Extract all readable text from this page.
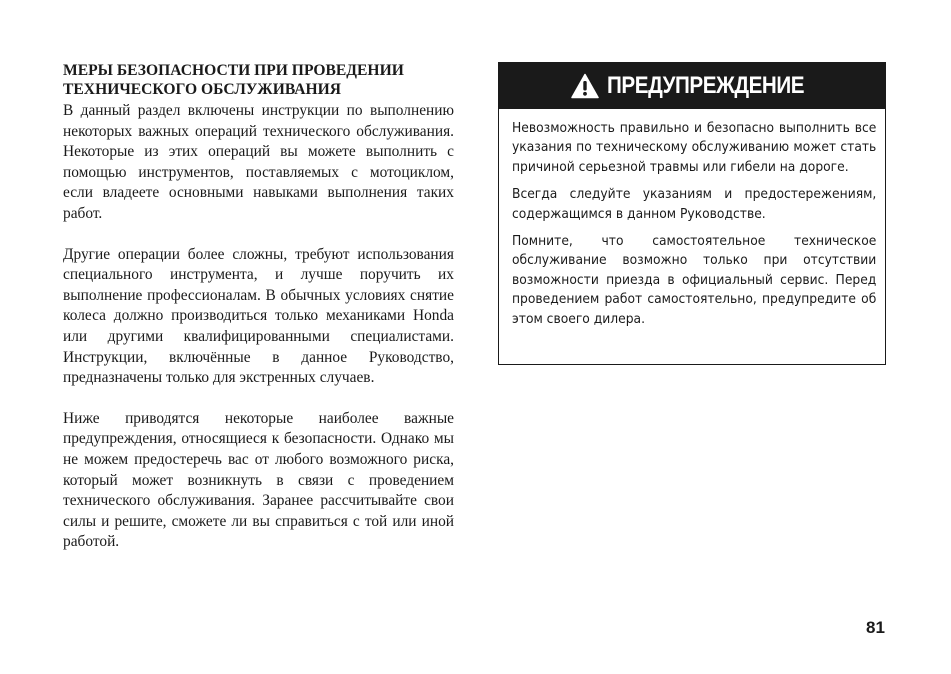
МЕРЫ БЕЗОПАСНОСТИ ПРИ ПРОВЕДЕНИИ
ТЕХНИЧЕСКОГО ОБСЛУЖИВАНИЯ

В данный раздел включены инструкции по выполнению некоторых важных операций технического обслуживания. Некоторые из этих операций вы можете выполнить с помощью инструментов, поставляемых с мотоциклом, если владеете основными навыками выполнения таких работ.

Другие операции более сложны, требуют использования специального инструмента, и лучше поручить их выполнение профессионалам. В обычных условиях снятие колеса должно производиться только механиками Honda или другими квалифицированными специалистами. Инструкции, включённые в данное Руководство, предназначены только для экстренных случаев.

Ниже приводятся некоторые наиболее важные предупреждения, относящиеся к безопасности. Однако мы не можем предостеречь вас от любого возможного риска, который может возникнуть в связи с проведением технического обслуживания. Заранее рассчитывайте свои силы и решите, сможете ли вы справиться с той или иной работой.

ПРЕДУПРЕЖДЕНИЕ

Невозможность правильно и безопасно выполнить все указания по техническому обслуживанию может стать причиной серьезной травмы или гибели на дороге.

Всегда следуйте указаниям и предостережениям, содержащимся в данном Руководстве.

Помните, что самостоятельное техническое обслуживание возможно только при отсутствии возможности приезда в официальный сервис. Перед проведением работ самостоятельно, предупредите об этом своего дилера.

81
